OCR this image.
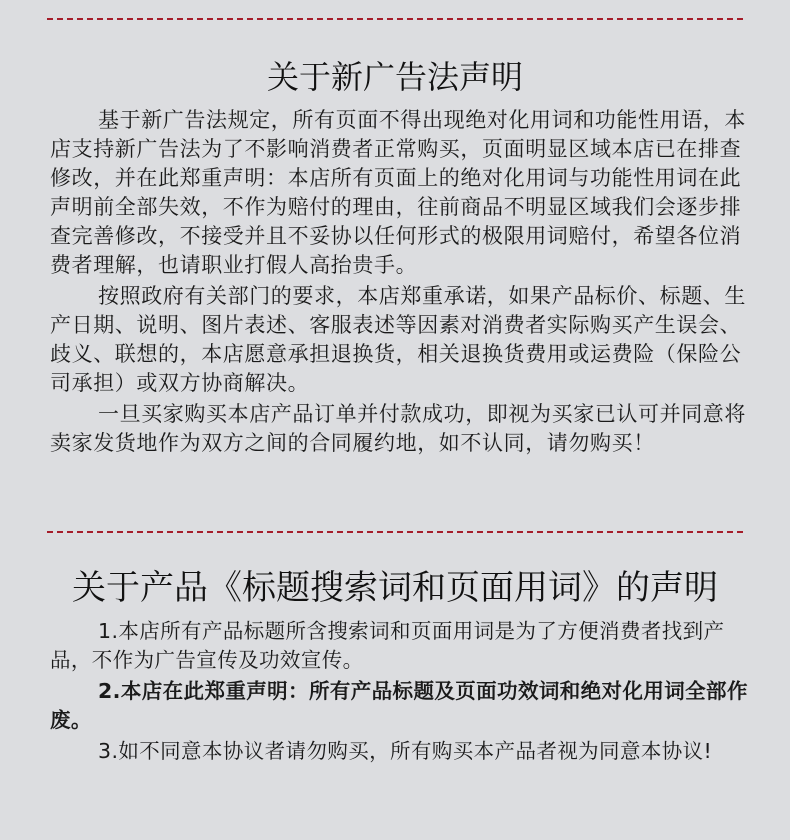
关于新广告法声明

基于新广告法规定，所有页面不得出现绝对化用词和功能性用语，本店支持新广告法为了不影响消费者正常购买，页面明显区域本店已在排查修改，并在此郑重声明：本店所有页面上的绝对化用词与功能性用词在此声明前全部失效，不作为赔付的理由，往前商品不明显区域我们会逐步排查完善修改，不接受并且不妥协以任何形式的极限用词赔付，希望各位消费者理解，也请职业打假人高抬贵手。

按照政府有关部门的要求，本店郑重承诺，如果产品标价、标题、生产日期、说明、图片表述、客服表述等因素对消费者实际购买产生误会、歧义、联想的，本店愿意承担退换货，相关退换货费用或运费险（保险公司承担）或双方协商解决。

一旦买家购买本店产品订单并付款成功，即视为买家已认可并同意将卖家发货地作为双方之间的合同履约地，如不认同，请勿购买！

关于产品《标题搜索词和页面用词》的声明

1.本店所有产品标题所含搜索词和页面用词是为了方便消费者找到产品，不作为广告宣传及功效宣传。

2.本店在此郑重声明：所有产品标题及页面功效词和绝对化用词全部作废。

3.如不同意本协议者请勿购买，所有购买本产品者视为同意本协议!
